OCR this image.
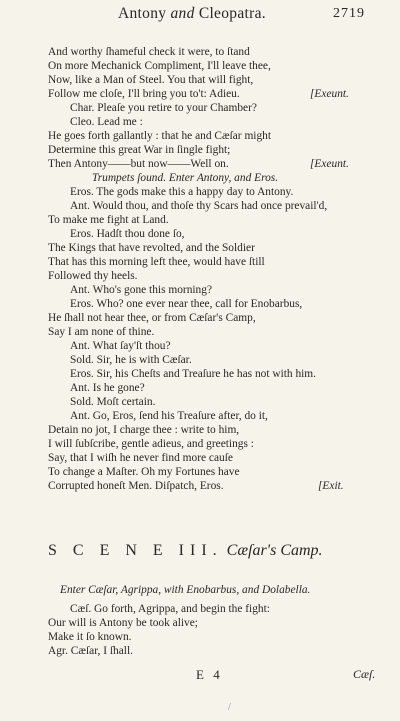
Antony and Cleopatra.	2719
And worthy ſhameful check it were, to ſtand
On more Mechanick Compliment, I'll leave thee,
Now, like a Man of Steel. You that will fight,
Follow me cloſe, I'll bring you to't: Adieu.	[Exeunt.
Char. Pleaſe you retire to your Chamber?
Cleo. Lead me :
He goes forth gallantly : that he and Cæſar might
Determine this great War in ſingle fight;
Then Antony——but now——Well on.	[Exeunt.
Trumpets ſound. Enter Antony, and Eros.
Eros. The gods make this a happy day to Antony.
Ant. Would thou, and thoſe thy Scars had once prevail'd,
To make me fight at Land.
Eros. Hadſt thou done ſo,
The Kings that have revolted, and the Soldier
That has this morning left thee, would have ſtill
Followed thy heels.
Ant. Who's gone this morning?
Eros. Who? one ever near thee, call for Enobarbus,
He ſhall not hear thee, or from Cæſar's Camp,
Say I am none of thine.
Ant. What ſay'ſt thou?
Sold. Sir, he is with Cæſar.
Eros. Sir, his Cheſts and Treaſure he has not with him.
Ant. Is he gone?
Sold. Moſt certain.
Ant. Go, Eros, ſend his Treaſure after, do it,
Detain no jot, I charge thee : write to him,
I will ſubſcribe, gentle adieus, and greetings :
Say, that I wiſh he never find more cauſe
To change a Maſter. Oh my Fortunes have
Corrupted honeſt Men. Diſpatch, Eros.	[Exit.
S C E N E III. Cæſar's Camp.
Enter Cæſar, Agrippa, with Enobarbus, and Dolabella.
Cæſ. Go forth, Agrippa, and begin the fight:
Our will is Antony be took alive;
Make it ſo known.
Agr. Cæſar, I ſhall.
E 4	Cæſ.
/
